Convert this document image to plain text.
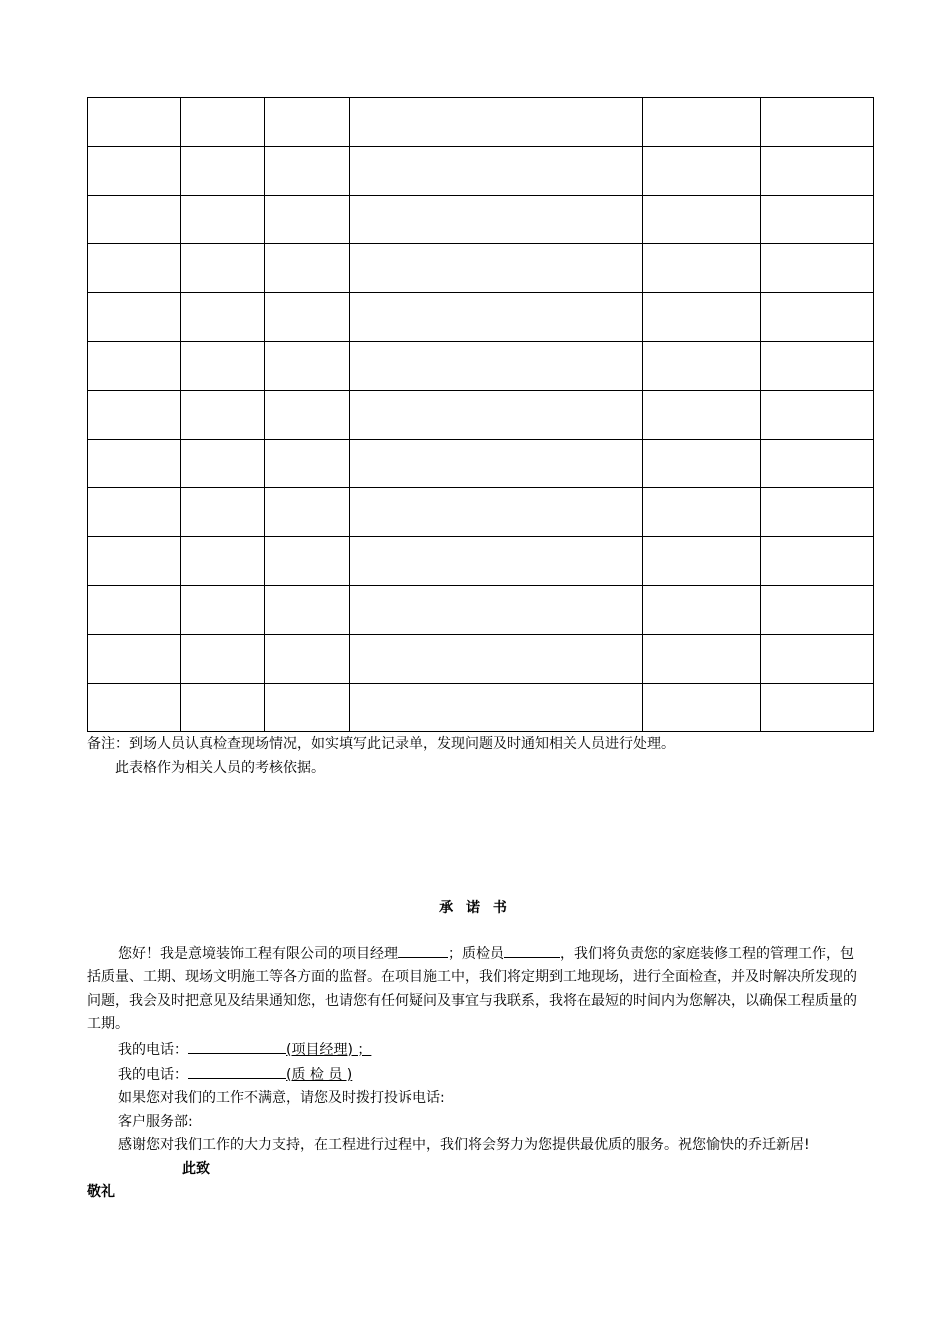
备注：到场人员认真检查现场情况，如实填写此记录单，发现问题及时通知相关人员进行处理。
此表格作为相关人员的考核依据。
承 诺 书

您好！我是意境装饰工程有限公司的项目经理	；质检员	，我们将负责您的家庭装修工程的管理工作，包括质量、工期、现场文明施工等各方面的监督。在项目施工中，我们将定期到工地现场，进行全面检查，并及时解决所发现的问题，我会及时把意见及结果通知您，也请您有任何疑问及事宜与我联系，我将在最短的时间内为您解决，以确保工程质量的工期。

我的电话：	(项目经理) ；

我的电话：	(质 检 员 )

如果您对我们的工作不满意，请您及时拨打投诉电话:

客户服务部:

感谢您对我们工作的大力支持，在工程进行过程中，我们将会努力为您提供最优质的服务。祝您愉快的乔迁新居!

此致

敬礼
